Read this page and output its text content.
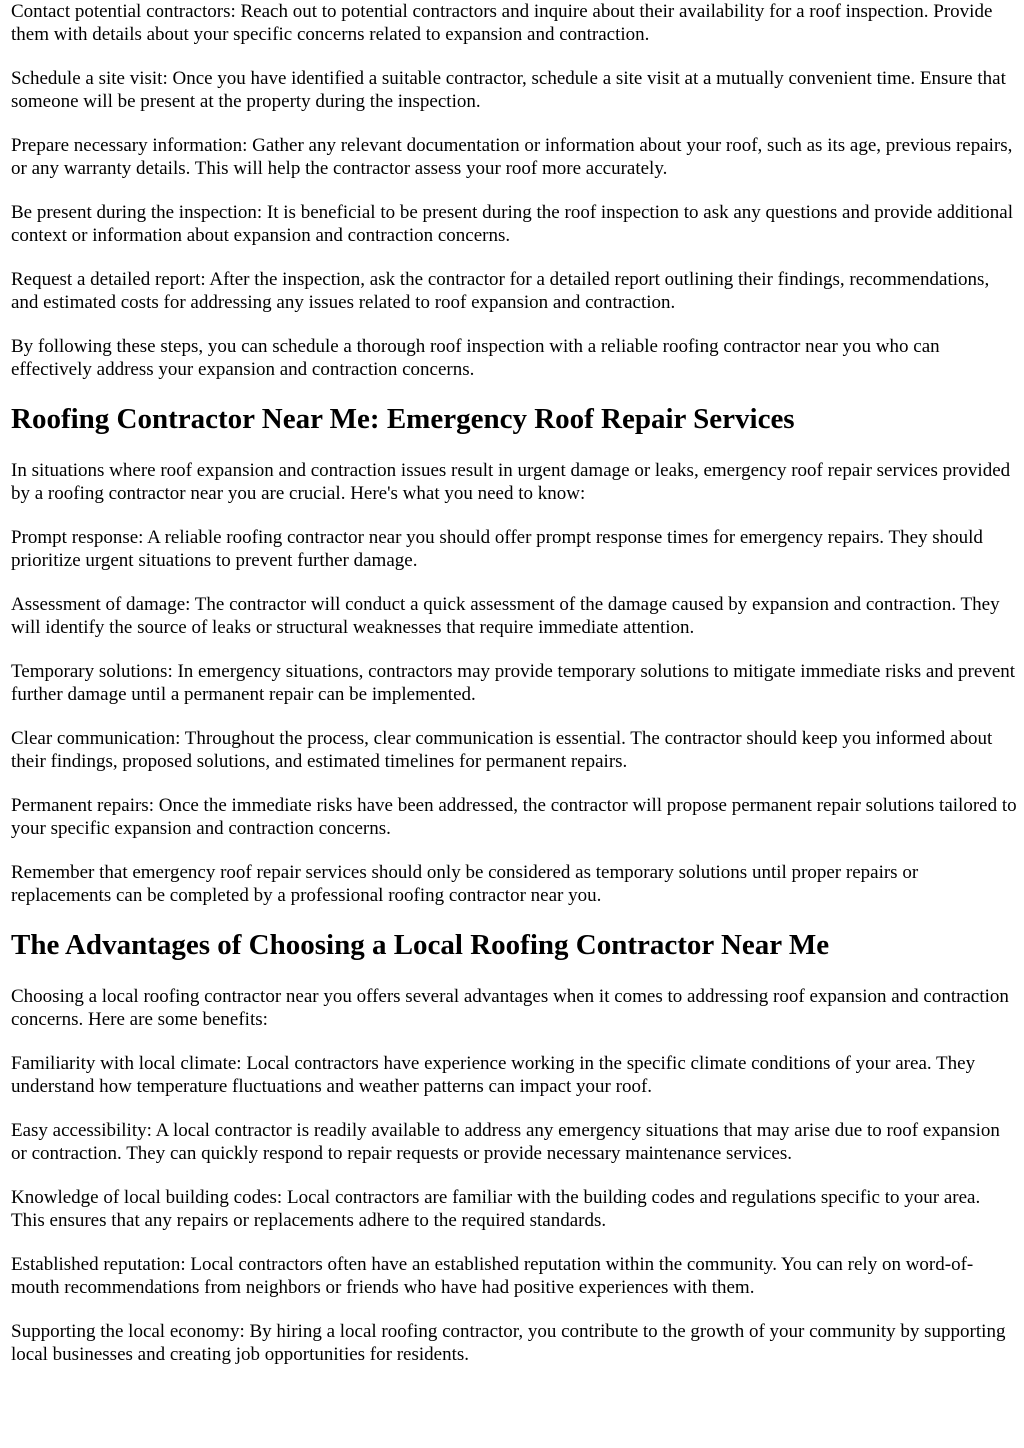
Contact potential contractors: Reach out to potential contractors and inquire about their availability for a roof inspection. Provide them with details about your specific concerns related to expansion and contraction.

Schedule a site visit: Once you have identified a suitable contractor, schedule a site visit at a mutually convenient time. Ensure that someone will be present at the property during the inspection.

Prepare necessary information: Gather any relevant documentation or information about your roof, such as its age, previous repairs, or any warranty details. This will help the contractor assess your roof more accurately.

Be present during the inspection: It is beneficial to be present during the roof inspection to ask any questions and provide additional context or information about expansion and contraction concerns.

Request a detailed report: After the inspection, ask the contractor for a detailed report outlining their findings, recommendations, and estimated costs for addressing any issues related to roof expansion and contraction.

By following these steps, you can schedule a thorough roof inspection with a reliable roofing contractor near you who can effectively address your expansion and contraction concerns.

Roofing Contractor Near Me: Emergency Roof Repair Services

In situations where roof expansion and contraction issues result in urgent damage or leaks, emergency roof repair services provided by a roofing contractor near you are crucial. Here's what you need to know:

Prompt response: A reliable roofing contractor near you should offer prompt response times for emergency repairs. They should prioritize urgent situations to prevent further damage.

Assessment of damage: The contractor will conduct a quick assessment of the damage caused by expansion and contraction. They will identify the source of leaks or structural weaknesses that require immediate attention.

Temporary solutions: In emergency situations, contractors may provide temporary solutions to mitigate immediate risks and prevent further damage until a permanent repair can be implemented.

Clear communication: Throughout the process, clear communication is essential. The contractor should keep you informed about their findings, proposed solutions, and estimated timelines for permanent repairs.

Permanent repairs: Once the immediate risks have been addressed, the contractor will propose permanent repair solutions tailored to your specific expansion and contraction concerns.

Remember that emergency roof repair services should only be considered as temporary solutions until proper repairs or replacements can be completed by a professional roofing contractor near you.

The Advantages of Choosing a Local Roofing Contractor Near Me

Choosing a local roofing contractor near you offers several advantages when it comes to addressing roof expansion and contraction concerns. Here are some benefits:

Familiarity with local climate: Local contractors have experience working in the specific climate conditions of your area. They understand how temperature fluctuations and weather patterns can impact your roof.

Easy accessibility: A local contractor is readily available to address any emergency situations that may arise due to roof expansion or contraction. They can quickly respond to repair requests or provide necessary maintenance services.

Knowledge of local building codes: Local contractors are familiar with the building codes and regulations specific to your area. This ensures that any repairs or replacements adhere to the required standards.

Established reputation: Local contractors often have an established reputation within the community. You can rely on word-of-mouth recommendations from neighbors or friends who have had positive experiences with them.

Supporting the local economy: By hiring a local roofing contractor, you contribute to the growth of your community by supporting local businesses and creating job opportunities for residents.
